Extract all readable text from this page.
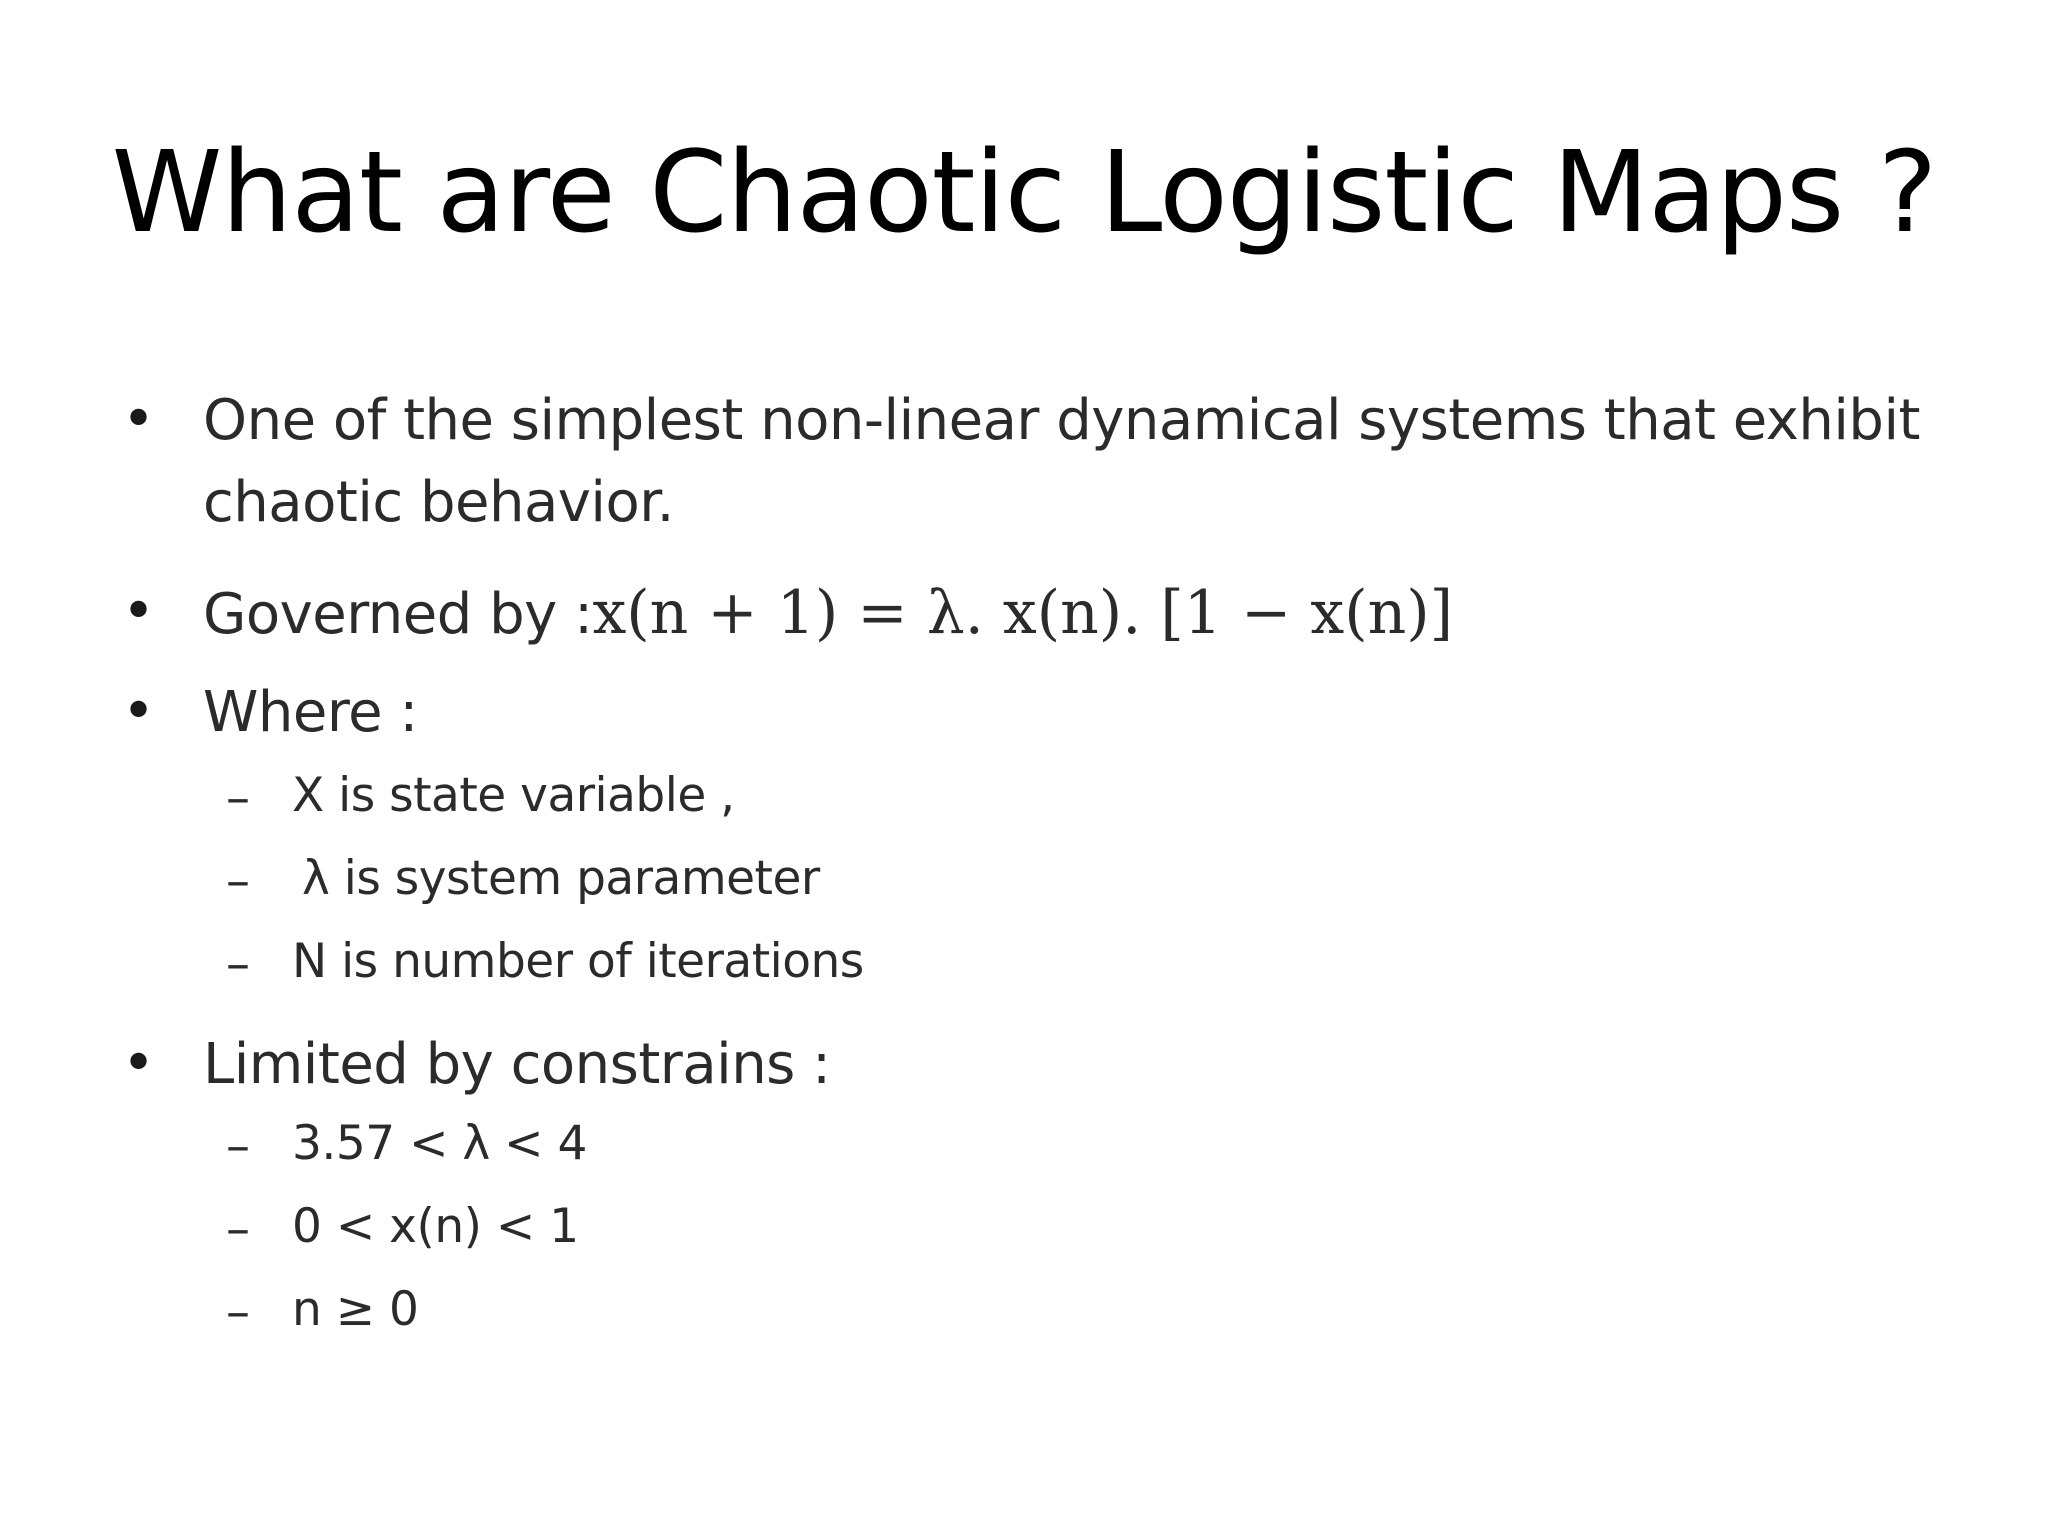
What are Chaotic Logistic Maps ?
• One of the simplest non-linear dynamical systems that exhibit
chaotic behavior.
• Governed by :x(n + 1) = λ. x(n). [1 − x(n)]
• Where :
– X is state variable ,
– λ is system parameter
– N is number of iterations
• Limited by constrains :
– 3.57 < λ < 4
– 0 < x(n) < 1
– n ≥ 0
